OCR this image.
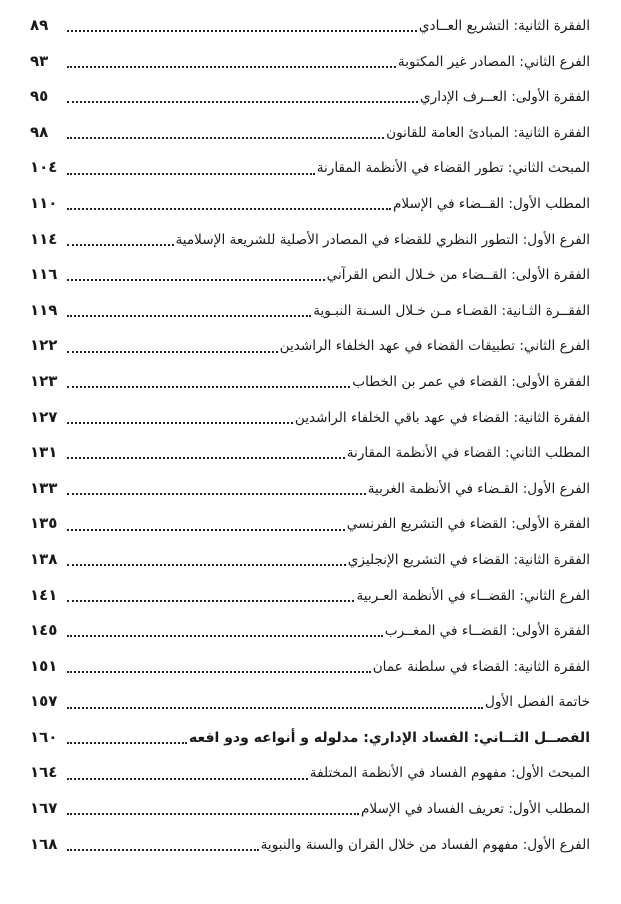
الفقرة الثانية: التشريع العــادي
٨٩
الفرع الثاني: المصادر غير المكتوبة
٩٣
الفقرة الأولى: العــرف الإداري
٩٥
الفقرة الثانية: المبادئ العامة للقانون
٩٨
المبحث الثاني: تطور القضاء في الأنظمة المقارنة
١٠٤
المطلب الأول: القــضاء في الإسلام
١١٠
الفرع الأول: التطور النظري للقضاء في المصادر الأصلية للشريعة الإسلامية
١١٤
الفقرة الأولى: القــضاء من خـلال النص القرآني
١١٦
الفقــرة الثـانية: القضـاء مـن خـلال السـنة النبـوية
١١٩
الفرع الثاني: تطبيقات القضاء في عهد الخلفاء الراشدين
١٢٢
الفقرة الأولى: القضاء في عمر بن الخطاب
١٢٣
الفقرة الثانية: القضاء في عهد باقي الخلفاء الراشدين
١٢٧
المطلب الثاني: القضاء في الأنظمة المقارنة
١٣١
الفرع الأول: القـضاء في الأنظمة الغربية
١٣٣
الفقرة الأولى: القضاء في التشريع الفرنسي
١٣٥
الفقرة الثانية: القضاء في التشريع الإنجليزي
١٣٨
الفرع الثاني: القضــاء في الأنظمة العـربية
١٤١
الفقرة الأولى: القضــاء في المغــرب
١٤٥
الفقرة الثانية: القضاء في سلطنة عمان
١٥١
خاتمة الفصل الأول
١٥٧
الفصــل الثــاني: الفساد الإداري: مدلوله و أنواعه ودو افعه
١٦٠
المبحث الأول: مفهوم الفساد في الأنظمة المختلفة
١٦٤
المطلب الأول: تعريف الفساد في الإسلام
١٦٧
الفرع الأول: مفهوم الفساد من خلال القران والسنة والنبوية
١٦٨
